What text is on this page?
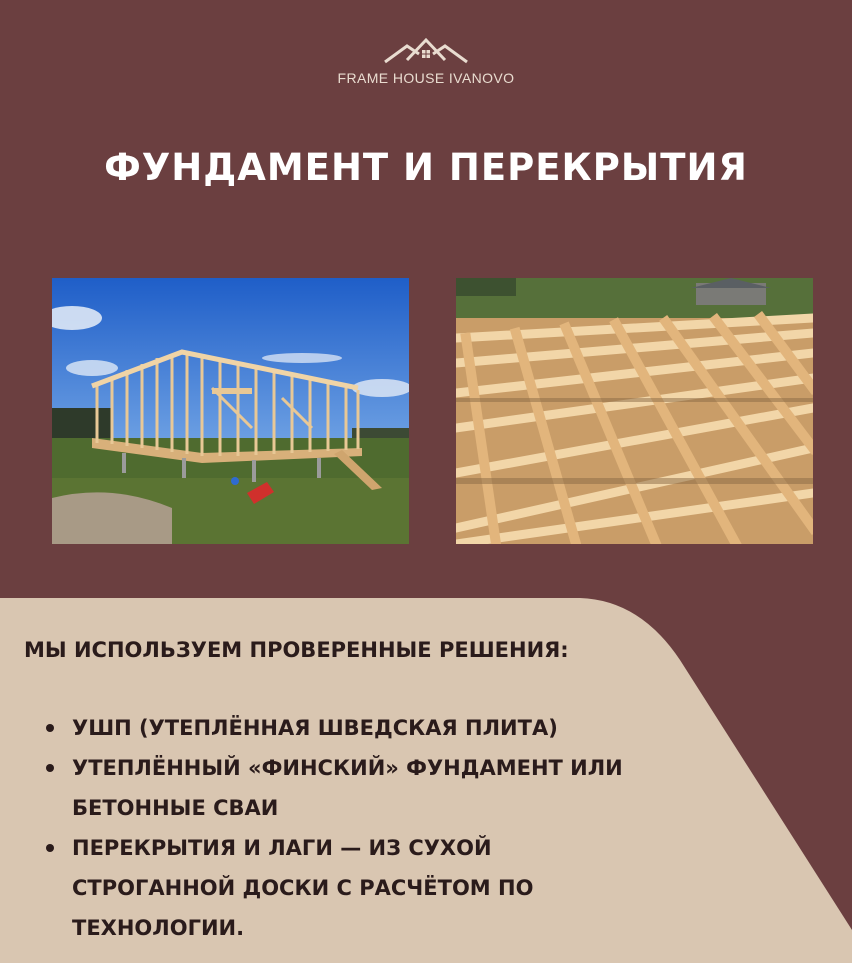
FRAME HOUSE IVANOVO
ФУНДАМЕНТ И ПЕРЕКРЫТИЯ
МЫ ИСПОЛЬЗУЕМ ПРОВЕРЕННЫЕ РЕШЕНИЯ:
УШП (УТЕПЛЁННАЯ ШВЕДСКАЯ ПЛИТА)
УТЕПЛЁННЫЙ «ФИНСКИЙ» ФУНДАМЕНТ ИЛИ БЕТОННЫЕ СВАИ
ПЕРЕКРЫТИЯ И ЛАГИ — ИЗ СУХОЙ СТРОГАННОЙ ДОСКИ С РАСЧЁТОМ ПО ТЕХНОЛОГИИ.
